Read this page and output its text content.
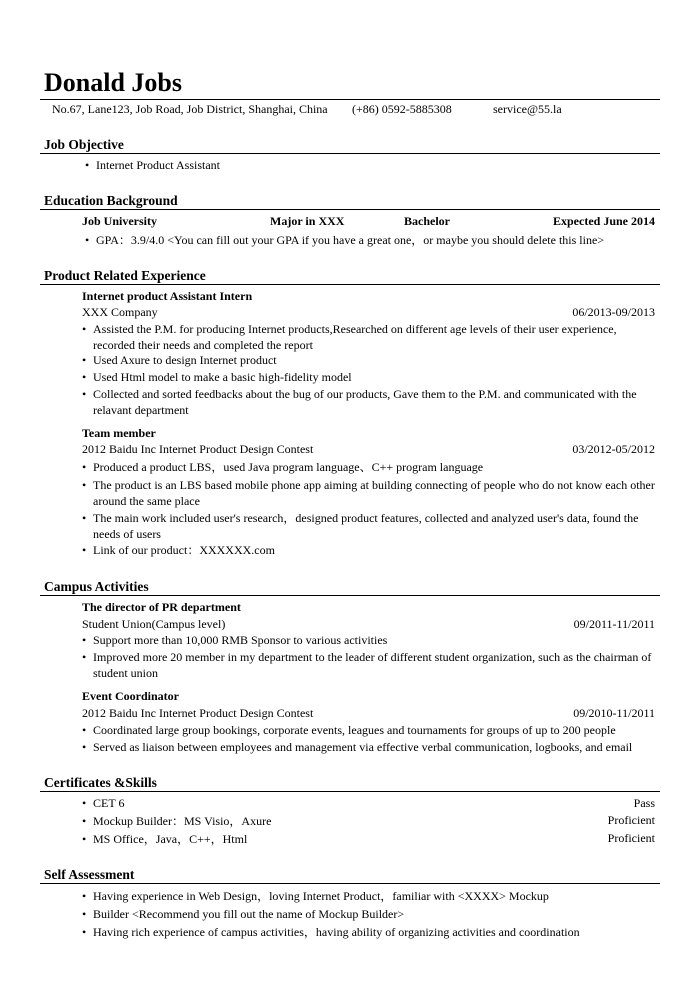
Donald Jobs
No.67, Lane123, Job Road, Job District, Shanghai, China (+86) 0592-5885308	service@55.la
Job Objective
• Internet Product Assistant
Education Background
Job University	Major in XXX	Bachelor	Expected June 2014
• GPA：3.9/4.0 <You can fill out your GPA if you have a great one，or maybe you should delete this line>
Product Related Experience
Internet product Assistant Intern
XXX Company	06/2013-09/2013
• Assisted the P.M. for producing Internet products,Researched on different age levels of their user experience, recorded their needs and completed the report
• Used Axure to design Internet product
• Used Html model to make a basic high-fidelity model
• Collected and sorted feedbacks about the bug of our products, Gave them to the P.M. and communicated with the relavant department
Team member
2012 Baidu Inc Internet Product Design Contest	03/2012-05/2012
• Produced a product LBS，used Java program language、C++ program language
• The product is an LBS based mobile phone app aiming at building connecting of people who do not know each other around the same place
• The main work included user's research，designed product features, collected and analyzed user's data, found the needs of users
• Link of our product：XXXXXX.com
Campus Activities
The director of PR department
Student Union(Campus level)	09/2011-11/2011
• Support more than 10,000 RMB Sponsor to various activities
• Improved more 20 member in my department to the leader of different student organization, such as the chairman of student union
Event Coordinator
2012 Baidu Inc Internet Product Design Contest	09/2010-11/2011
• Coordinated large group bookings, corporate events, leagues and tournaments for groups of up to 200 people
• Served as liaison between employees and management via effective verbal communication, logbooks, and email
Certificates &Skills
• CET 6	Pass
• Mockup Builder：MS Visio，Axure	Proficient
• MS Office，Java，C++，Html	Proficient
Self Assessment
• Having experience in Web Design，loving Internet Product，familiar with <XXXX> Mockup
• Builder <Recommend you fill out the name of Mockup Builder>
• Having rich experience of campus activities，having ability of organizing activities and coordination
